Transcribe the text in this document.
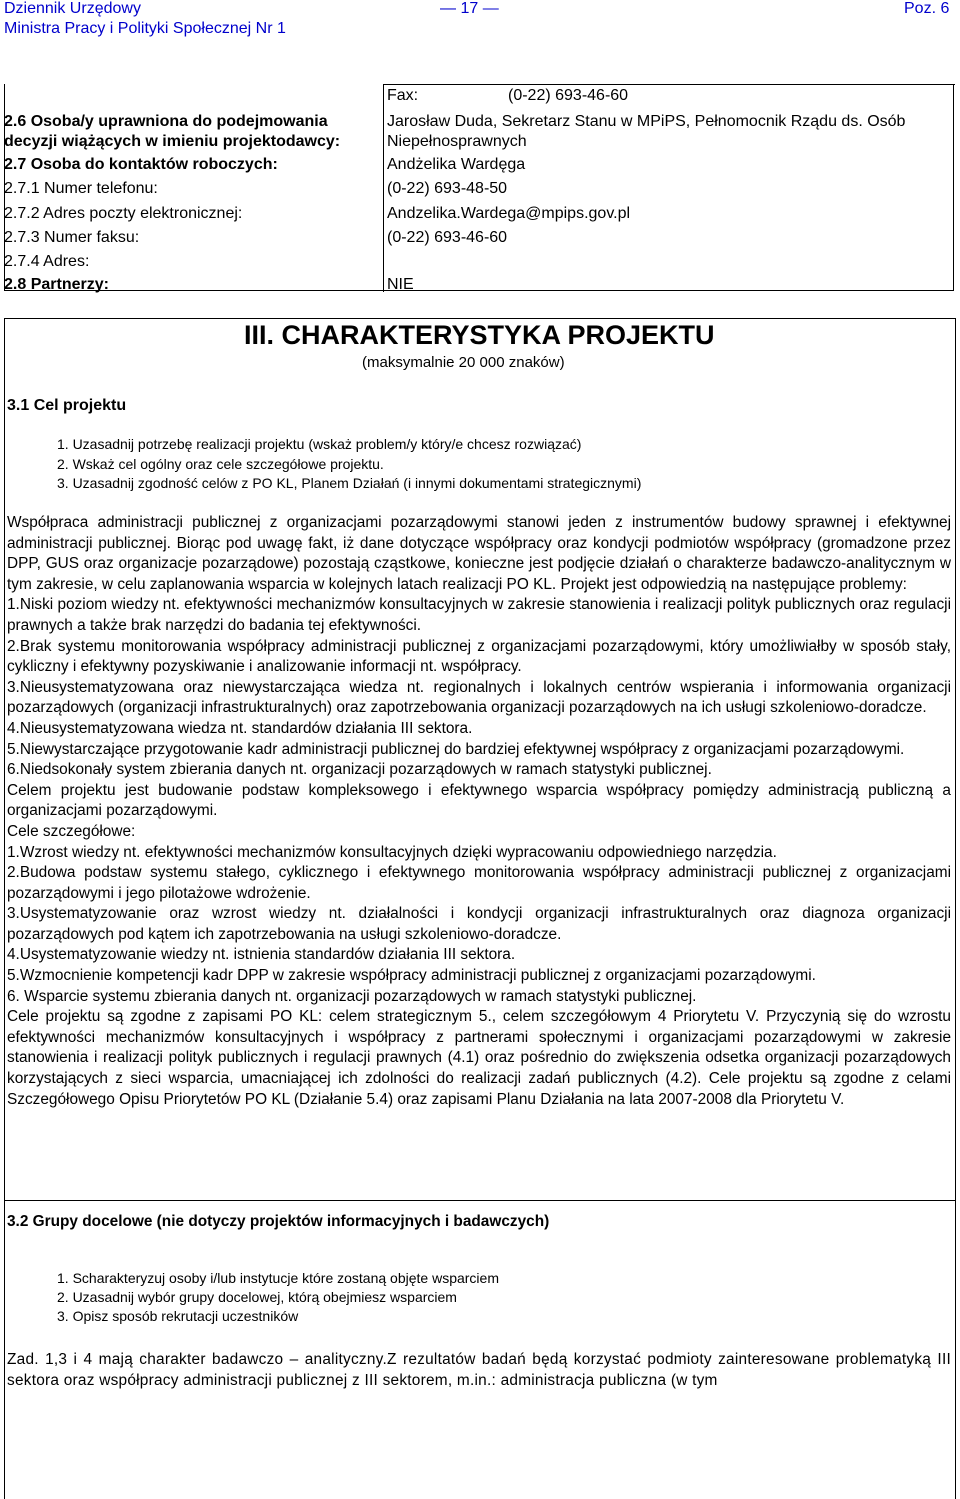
Dziennik Urzędowy
Ministra Pracy i Polityki Społecznej Nr 1
— 17 —	Poz. 6
Fax:	(0-22) 693-46-60
2.6 Osoba/y uprawniona do podejmowania	Jarosław Duda, Sekretarz Stanu w MPiPS, Pełnomocnik Rządu ds. Osób
decyzji wiążących w imieniu projektodawcy:	Niepełnosprawnych
2.7 Osoba do kontaktów roboczych:	Andżelika Wardęga
2.7.1 Numer telefonu:	(0-22) 693-48-50
2.7.2 Adres poczty elektronicznej:	Andzelika.Wardega@mpips.gov.pl
2.7.3 Numer faksu:	(0-22) 693-46-60
2.7.4 Adres:
2.8 Partnerzy:	NIE
III. CHARAKTERYSTYKA PROJEKTU
(maksymalnie 20 000 znaków)
3.1 Cel projektu
1. Uzasadnij potrzebę realizacji projektu (wskaż problem/y który/e chcesz rozwiązać)
2. Wskaż cel ogólny oraz cele szczegółowe projektu.
3. Uzasadnij zgodność celów z PO KL, Planem Działań (i innymi dokumentami strategicznymi)

Współpraca administracji publicznej z organizacjami pozarządowymi stanowi jeden z instrumentów budowy sprawnej i efektywnej administracji publicznej. Biorąc pod uwagę fakt, iż dane dotyczące współpracy oraz kondycji podmiotów współpracy (gromadzone przez DPP, GUS oraz organizacje pozarządowe) pozostają cząstkowe, konieczne jest podjęcie działań o charakterze badawczo-analitycznym w tym zakresie, w celu zaplanowania wsparcia w kolejnych latach realizacji PO KL. Projekt jest odpowiedzią na następujące problemy:

1.Niski poziom wiedzy nt. efektywności mechanizmów konsultacyjnych w zakresie stanowienia i realizacji polityk publicznych oraz regulacji prawnych a także brak narzędzi do badania tej efektywności.

2.Brak systemu monitorowania współpracy administracji publicznej z organizacjami pozarządowymi, który umożliwiałby w sposób stały, cykliczny i efektywny pozyskiwanie i analizowanie informacji nt. współpracy.

3.Nieusystematyzowana oraz niewystarczająca wiedza nt. regionalnych i lokalnych centrów wspierania i informowania organizacji pozarządowych (organizacji infrastrukturalnych) oraz zapotrzebowania organizacji pozarządowych na ich usługi szkoleniowo-doradcze.

4.Nieusystematyzowana wiedza nt. standardów działania III sektora.

5.Niewystarczające przygotowanie kadr administracji publicznej do bardziej efektywnej współpracy z organizacjami pozarządowymi.

6.Niedsokonały system zbierania danych nt. organizacji pozarządowych w ramach statystyki publicznej.

Celem projektu jest budowanie podstaw kompleksowego i efektywnego wsparcia współpracy pomiędzy administracją publiczną a organizacjami pozarządowymi.

Cele szczegółowe:

1.Wzrost wiedzy nt. efektywności mechanizmów konsultacyjnych dzięki wypracowaniu odpowiedniego narzędzia.

2.Budowa podstaw systemu stałego, cyklicznego i efektywnego monitorowania współpracy administracji publicznej z organizacjami pozarządowymi i jego pilotażowe wdrożenie.

3.Usystematyzowanie oraz wzrost wiedzy nt. działalności i kondycji organizacji infrastrukturalnych oraz diagnoza organizacji pozarządowych pod kątem ich zapotrzebowania na usługi szkoleniowo-doradcze.

4.Usystematyzowanie wiedzy nt. istnienia standardów działania III sektora.

5.Wzmocnienie kompetencji kadr DPP w zakresie współpracy administracji publicznej z organizacjami pozarządowymi.

6. Wsparcie systemu zbierania danych nt. organizacji pozarządowych w ramach statystyki publicznej.

Cele projektu są zgodne z zapisami PO KL: celem strategicznym 5., celem szczegółowym 4 Priorytetu V. Przyczynią się do wzrostu efektywności mechanizmów konsultacyjnych i współpracy z partnerami społecznymi i organizacjami pozarządowymi w zakresie stanowienia i realizacji polityk publicznych i regulacji prawnych (4.1) oraz pośrednio do zwiększenia odsetka organizacji pozarządowych korzystających z sieci wsparcia, umacniającej ich zdolności do realizacji zadań publicznych (4.2). Cele projektu są zgodne z celami Szczegółowego Opisu Priorytetów PO KL (Działanie 5.4) oraz zapisami Planu Działania na lata 2007-2008 dla Priorytetu V.

3.2 Grupy docelowe (nie dotyczy projektów informacyjnych i badawczych)
1. Scharakteryzuj osoby i/lub instytucje które zostaną objęte wsparciem
2. Uzasadnij wybór grupy docelowej, którą obejmiesz wsparciem
3. Opisz sposób rekrutacji uczestników
Zad. 1,3 i 4 mają charakter badawczo – analityczny.Z rezultatów badań będą korzystać podmioty zainteresowane problematyką III sektora oraz współpracy administracji publicznej z III sektorem, m.in.: administracja publiczna (w tym
